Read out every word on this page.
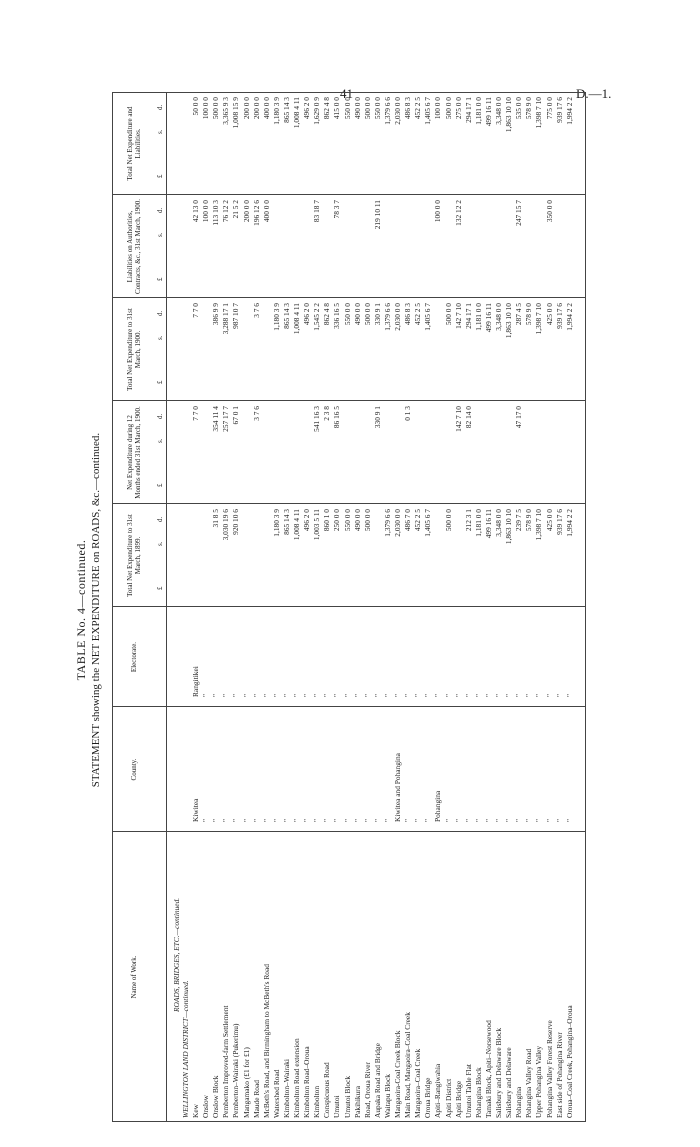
41	D.—1.
TABLE No. 4—continued. STATEMENT showing the NET EXPENDITURE on ROADS, &c.—continued.
Name of Work.
County.
Electorate.
Total Net Expenditure to 31st March, 1899.
Net Expenditure during 12 Months ended 31st March, 1900.
Total Net Expenditure to 31st March, 1900.
Liabilities on Authorities, Contracts, &c., 31st March, 1900.
Total Net Expenditure and Liabilities.
£
s.
d.
£
s.
d.
£
s.
d.
£
s.
d.
£
s.
d.
ROADS, BRIDGES, ETC.—continued.
WELLINGTON LAND DISTRICT—continued. Kew
Kiwitea
Rangitikei
7 7 0
7 7 0
42 13 0
50 0 0
Onslow
"
"
100 0 0
100 0 0
Onslow Block
"
"
31 8 5
354 11 4
386 9 9
113 10 3
500 0 0
Pemberton Improved-farm Settlement
"
"
3,030 19 6
257 17 7
3,288 17 1
76 12 2
3,365 9 3
Pemberton–Wairaki (Pukerimu)
"
"
920 10 6
67 0 1
987 10 7
21 5 2
1,008 15 9
Mangamako (£1 for £1)
"
"
200 0 0
200 0 0
Maude Road
"
"
3 7 6
3 7 6
196 12 6
200 0 0
McBeth's Road, and Birmingham to McBeth's Road
"
"
400 0 0
400 0 0
Watershed Road
"
"
1,180 3 9
1,180 3 9
1,180 3 9
Kimbolton–Wairaki
"
"
865 14 3
865 14 3
865 14 3
Kimbolton Road extension
"
"
1,008 4 11
1,008 4 11
1,008 4 11
Kimbolton Road–Oroua
"
"
496 2 0
496 2 0
496 2 0
Kimbolton
"
"
1,003 5 11
541 16 3
1,545 2 2
83 18 7
1,629 0 9
Conspicuous Road
"
"
860 1 0
2 3 8
862 4 8
862 4 8
Umutoi
"
"
250 0 0
86 16 5
336 16 5
78 3 7
415 0 0
Umutoi Block
"
"
550 0 0
550 0 0
550 0 0
Pakihikura
"
"
490 0 0
490 0 0
490 0 0
Road, Oroua River
"
"
500 0 0
500 0 0
500 0 0
Aupaka Road and Bridge
"
"
330 9 1
330 9 1
219 10 11
550 0 0
Waitapu Block
"
"
1,379 6 6
1,379 6 6
1,379 6 6
Mangaoira-Coal Creek Block
Kiwitea and Pohangina
"
2,030 0 0
2,030 0 0
2,030 0 0
Main Road, Mangaoira–Coal Creek
"
"
486 7 0
0 1 3
486 8 3
486 8 3
Mangaoira–Coal Creek
"
"
452 2 5
452 2 5
452 2 5
Oroua Bridge
"
"
1,405 6 7
1,405 6 7
1,405 6 7
Apiti–Rangiwahia
Pohangina
"
100 0 0
100 0 0
Apiti District
"
"
500 0 0
500 0 0
500 0 0
Apiti Bridge
"
"
142 7 10
142 7 10
132 12 2
275 0 0
Umutoi Table Flat
"
"
212 3 1
82 14 0
294 17 1
294 17 1
Pohangina Block
"
"
1,181 0 0
1,181 0 0
1,181 0 0
Tamaki Block, Apiti–Norsewood
"
"
499 16 11
499 16 11
499 16 11
Salisbury and Delaware Block
"
"
3,348 0 0
3,348 0 0
3,348 0 0
Salisbury and Delaware
"
"
1,863 10 10
1,863 10 10
1,863 10 10
Pohangina
"
"
239 7 5
47 17 0
287 4 5
247 15 7
535 0 0
Pohangina Valley Road
"
"
578 9 0
578 9 0
578 9 0
Upper Pohangina Valley
"
"
1,398 7 10
1,398 7 10
1,398 7 10
Pohangina Valley Forest Reserve
"
"
425 0 0
425 0 0
350 0 0
775 0 0
East side of Pohangina River
"
"
939 17 6
939 17 6
939 17 6
Oroua–Coal Creek, Pohangina–Oroua
"
"
1,994 2 2
1,994 2 2
1,994 2 2
